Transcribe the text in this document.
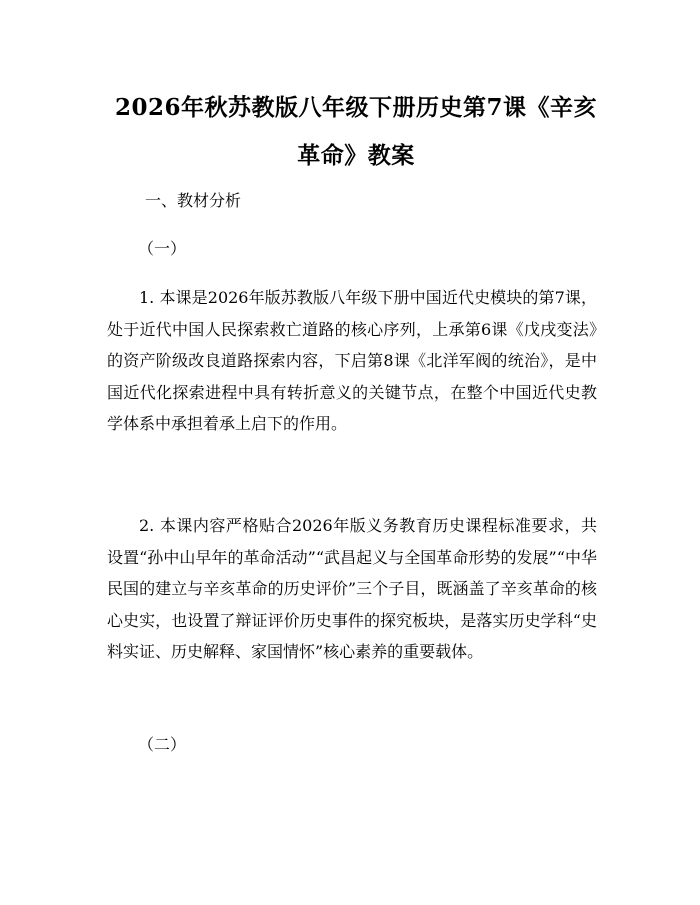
2026年秋苏教版八年级下册历史第7课《辛亥革命》教案

一、教材分析

（一）

1. 本课是2026年版苏教版八年级下册中国近代史模块的第7课，处于近代中国人民探索救亡道路的核心序列，上承第6课《戊戌变法》的资产阶级改良道路探索内容，下启第8课《北洋军阀的统治》，是中国近代化探索进程中具有转折意义的关键节点，在整个中国近代史教学体系中承担着承上启下的作用。

2. 本课内容严格贴合2026年版义务教育历史课程标准要求，共设置“孙中山早年的革命活动”“武昌起义与全国革命形势的发展”“中华民国的建立与辛亥革命的历史评价”三个子目，既涵盖了辛亥革命的核心史实，也设置了辩证评价历史事件的探究板块，是落实历史学科“史料实证、历史解释、家国情怀”核心素养的重要载体。

（二）
